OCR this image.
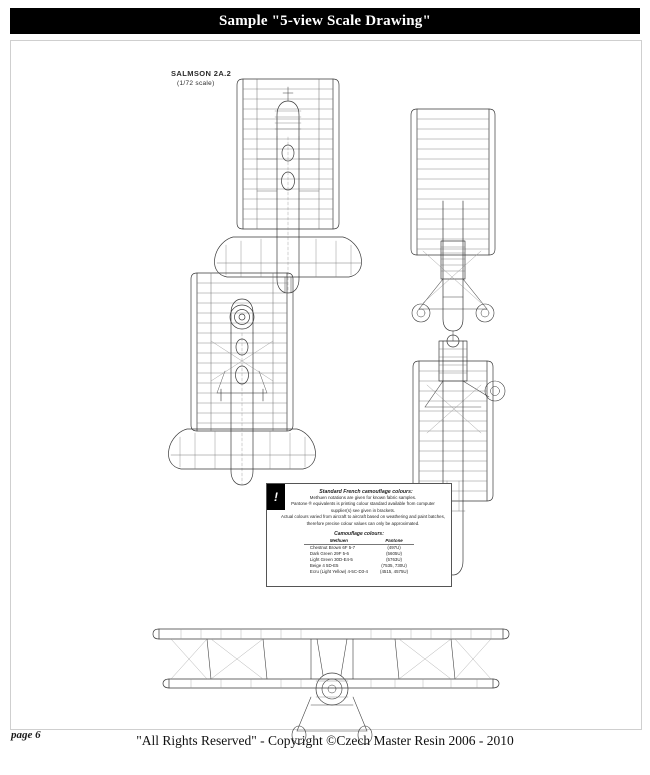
Sample "5-view Scale Drawing"
SALMSON 2A.2
(1/72 scale)
page 6
!	Standard French camouflage colours:
Methuen notations are given for known fabric samples.
Pantone ® equivalents is printing colour standard available from computer
supplier(s) see given in brackets.
Actual colours varied from aircraft to aircraft based on weathering and paint batches,
therefore precise colour values can only be approximated.
Camouflage colours:
Methuen	Pantone
Chestnut Brown 6F 5-7	(497U)
Dark Green 29F 5-6	(5605U)
Light Green 30D-E4-5	(5763U)
Beige 4 5D-E5	(7535, 730U)
Ecru (Light Yellow) 4-5C-D3-4	(4515, 4575U)
"All Rights Reserved" - Copyright ©Czech Master Resin 2006 - 2010
